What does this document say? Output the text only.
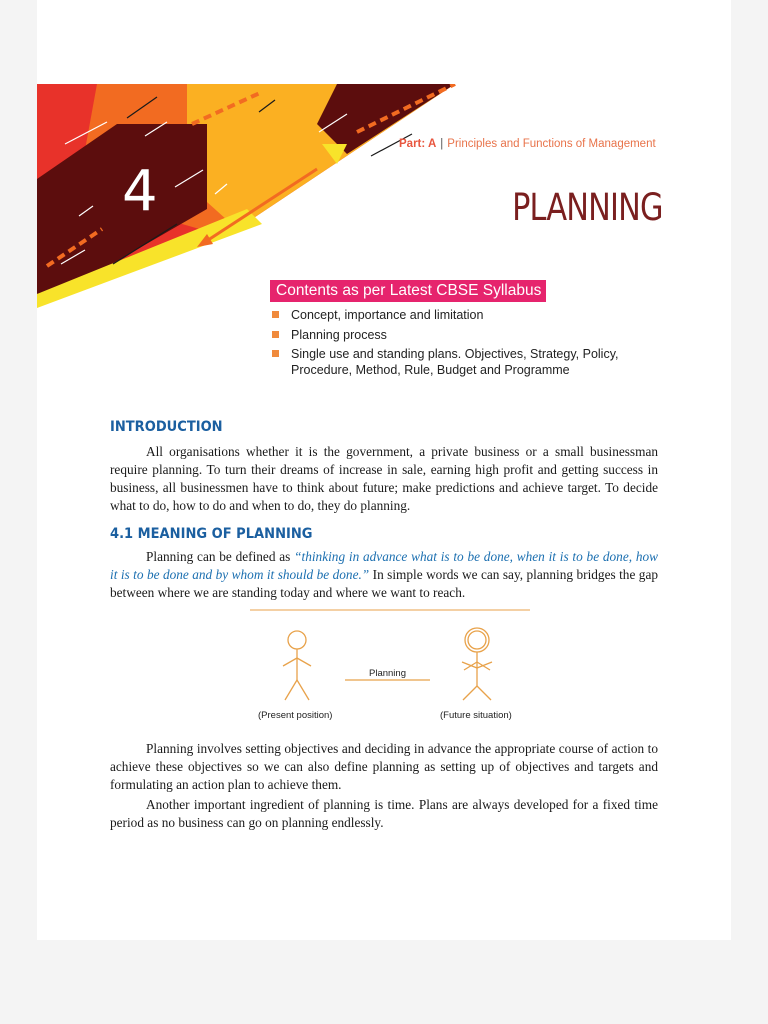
4
Part: A | Principles and Functions of Management
PLANNING
Contents as per Latest CBSE Syllabus
Concept, importance and limitation
Planning process
Single use and standing plans. Objectives, Strategy, Policy,
Procedure, Method, Rule, Budget and Programme
INTRODUCTION

All organisations whether it is the government, a private business or a small businessman require planning. To turn their dreams of increase in sale, earning high profit and getting success in business, all businessmen have to think about future; make predictions and achieve target. To decide what to do, how to do and when to do, they do planning.

4.1 MEANING OF PLANNING

Planning can be defined as “thinking in advance what is to be done, when it is to be done, how it is to be done and by whom it should be done.” In simple words we can say, planning bridges the gap between where we are standing today and where we want to reach.

Planning
(Present position)	(Future situation)

Planning involves setting objectives and deciding in advance the appropriate course of action to achieve these objectives so we can also define planning as setting up of objectives and targets and formulating an action plan to achieve them.

Another important ingredient of planning is time. Plans are always developed for a fixed time period as no business can go on planning endlessly.
